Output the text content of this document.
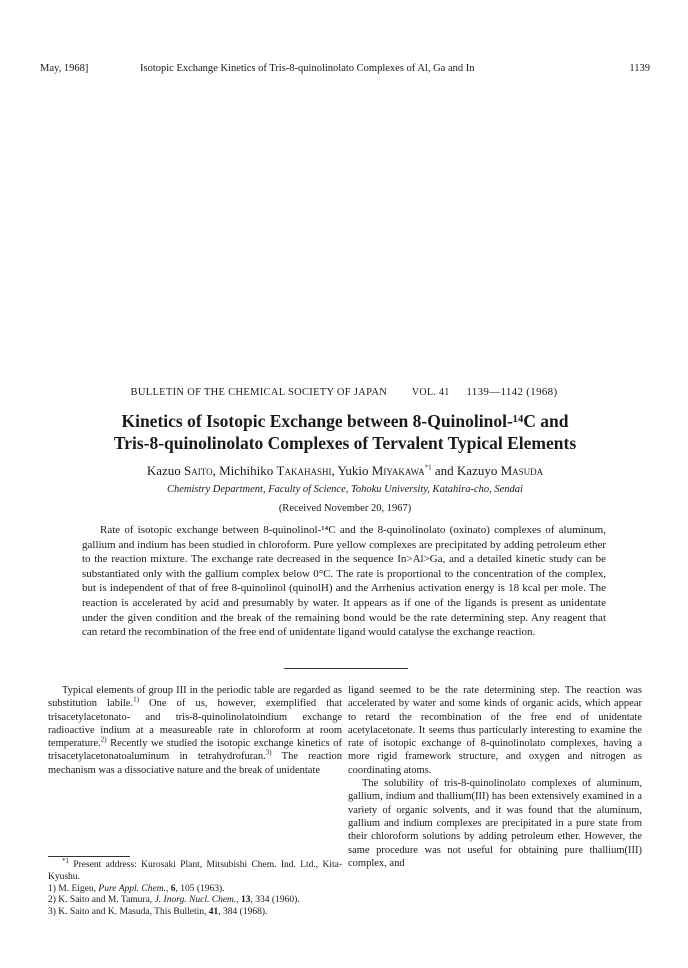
May, 1968]	Isotopic Exchange Kinetics of Tris-8-quinolinolato Complexes of Al, Ga and In	1139
BULLETIN OF THE CHEMICAL SOCIETY OF JAPAN VOL. 41 1139—1142 (1968)
Kinetics of Isotopic Exchange between 8-Quinolinol-¹⁴C and
Tris-8-quinolinolato Complexes of Tervalent Typical Elements
Kazuo Saito, Michihiko Takahashi, Yukio Miyakawa$^{*1}$ and Kazuyo Masuda
Chemistry Department, Faculty of Science, Tohoku University, Katahira-cho, Sendai
(Received November 20, 1967)

Rate of isotopic exchange between 8-quinolinol-¹⁴C and the 8-quinolinolato (oxinato) complexes of aluminum, gallium and indium has been studied in chloroform. Pure yellow complexes are precipitated by adding petroleum ether to the reaction mixture. The exchange rate decreased in the sequence In>Al>Ga, and a detailed kinetic study can be substantiated only with the gallium complex below 0°C. The rate is proportional to the concentration of the complex, but is independent of that of free 8-quinolinol (quinolH) and the Arrhenius activation energy is 18 kcal per mole. The reaction is accelerated by acid and presumably by water. It appears as if one of the ligands is present as unidentate under the given condition and the break of the remaining bond would be the rate determining step. Any reagent that can retard the recombination of the free end of unidentate ligand would catalyse the exchange reaction.

Typical elements of group III in the periodic table are regarded as substitution labile.$^{1)}$ One of us, however, exemplified that trisacetylacetonato- and tris-8-quinolinolatoindium exchange radioactive indium at a measureable rate in chloroform at room temperature.$^{2)}$ Recently we studied the isotopic exchange kinetics of trisacetylacetonatoaluminum in tetrahydrofuran.$^{3)}$ The reaction mechanism was a dissociative nature and the break of unidentate

ligand seemed to be the rate determining step. The reaction was accelerated by water and some kinds of organic acids, which appear to retard the recombination of the free end of unidentate acetylacetonate. It seems thus particularly interesting to examine the rate of isotopic exchange of 8-quinolinolato complexes, having a more rigid framework structure, and oxygen and nitrogen as coordinating atoms.

The solubility of tris-8-quinolinolato complexes of aluminum, gallium, indium and thallium(III) has been extensively examined in a variety of organic solvents, and it was found that the aluminum, gallium and indium complexes are precipitated in a pure state from their chloroform solutions by adding petroleum ether. However, the same procedure was not useful for obtaining pure thallium(III) complex, and

$^{*1}$ Present address: Kurosaki Plant, Mitsubishi Chem. Ind. Ltd., Kita-Kyushu.
1) M. Eigen, Pure Appl. Chem., 6, 105 (1963).
2) K. Saito and M. Tamura, J. Inorg. Nucl. Chem., 13, 334 (1960).
3) K. Saito and K. Masuda, This Bulletin, 41, 384 (1968).
